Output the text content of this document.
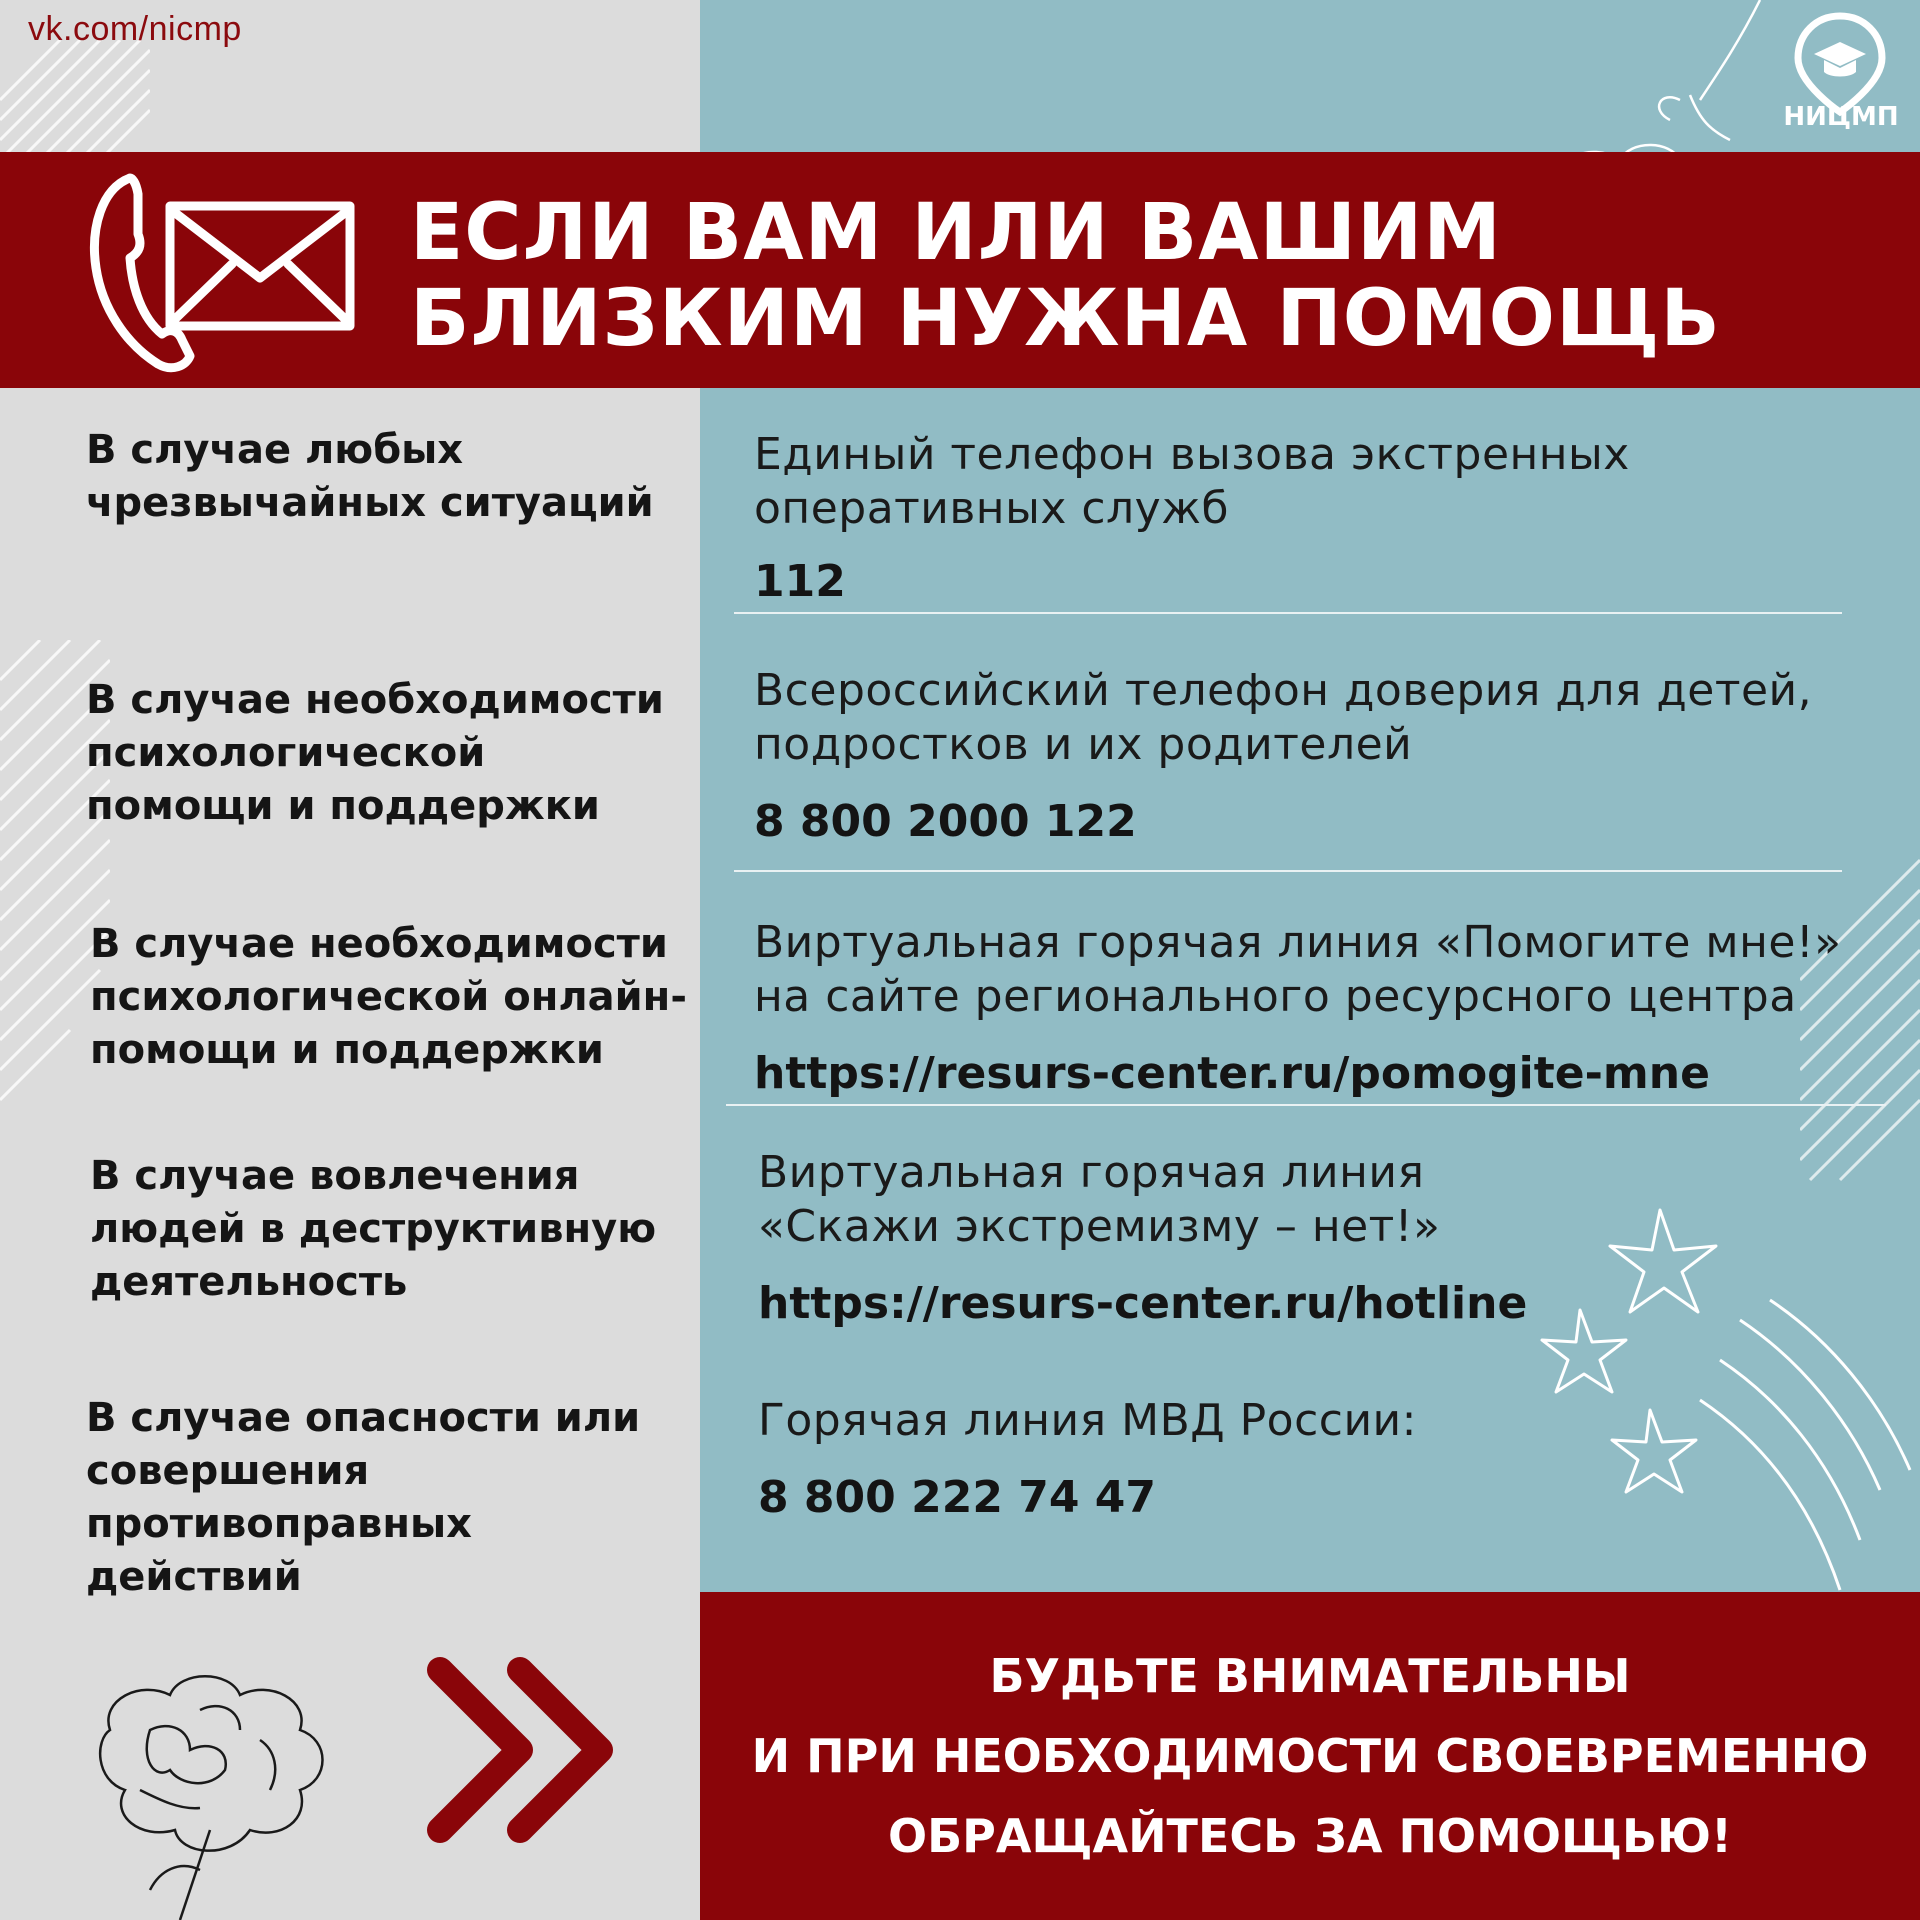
vk.com/nicmp
НИЦМП
ЕСЛИ ВАМ ИЛИ ВАШИМ
БЛИЗКИМ НУЖНА ПОМОЩЬ
В случае любых
чрезвычайных ситуаций
Единый телефон вызова экстренных
оперативных служб
112
В случае необходимости
психологической
помощи и поддержки
Всероссийский телефон доверия для детей,
подростков и их родителей
8 800 2000 122
В случае необходимости
психологической онлайн-
помощи и поддержки
Виртуальная горячая линия «Помогите мне!»
на сайте регионального ресурсного центра
https://resurs-center.ru/pomogite-mne
В случае вовлечения
людей в деструктивную
деятельность
Виртуальная горячая линия
«Скажи экстремизму – нет!»
https://resurs-center.ru/hotline
В случае опасности или
совершения
противоправных
действий
Горячая линия МВД России:
8 800 222 74 47
БУДЬТЕ ВНИМАТЕЛЬНЫ
И ПРИ НЕОБХОДИМОСТИ СВОЕВРЕМЕННО
ОБРАЩАЙТЕСЬ ЗА ПОМОЩЬЮ!
